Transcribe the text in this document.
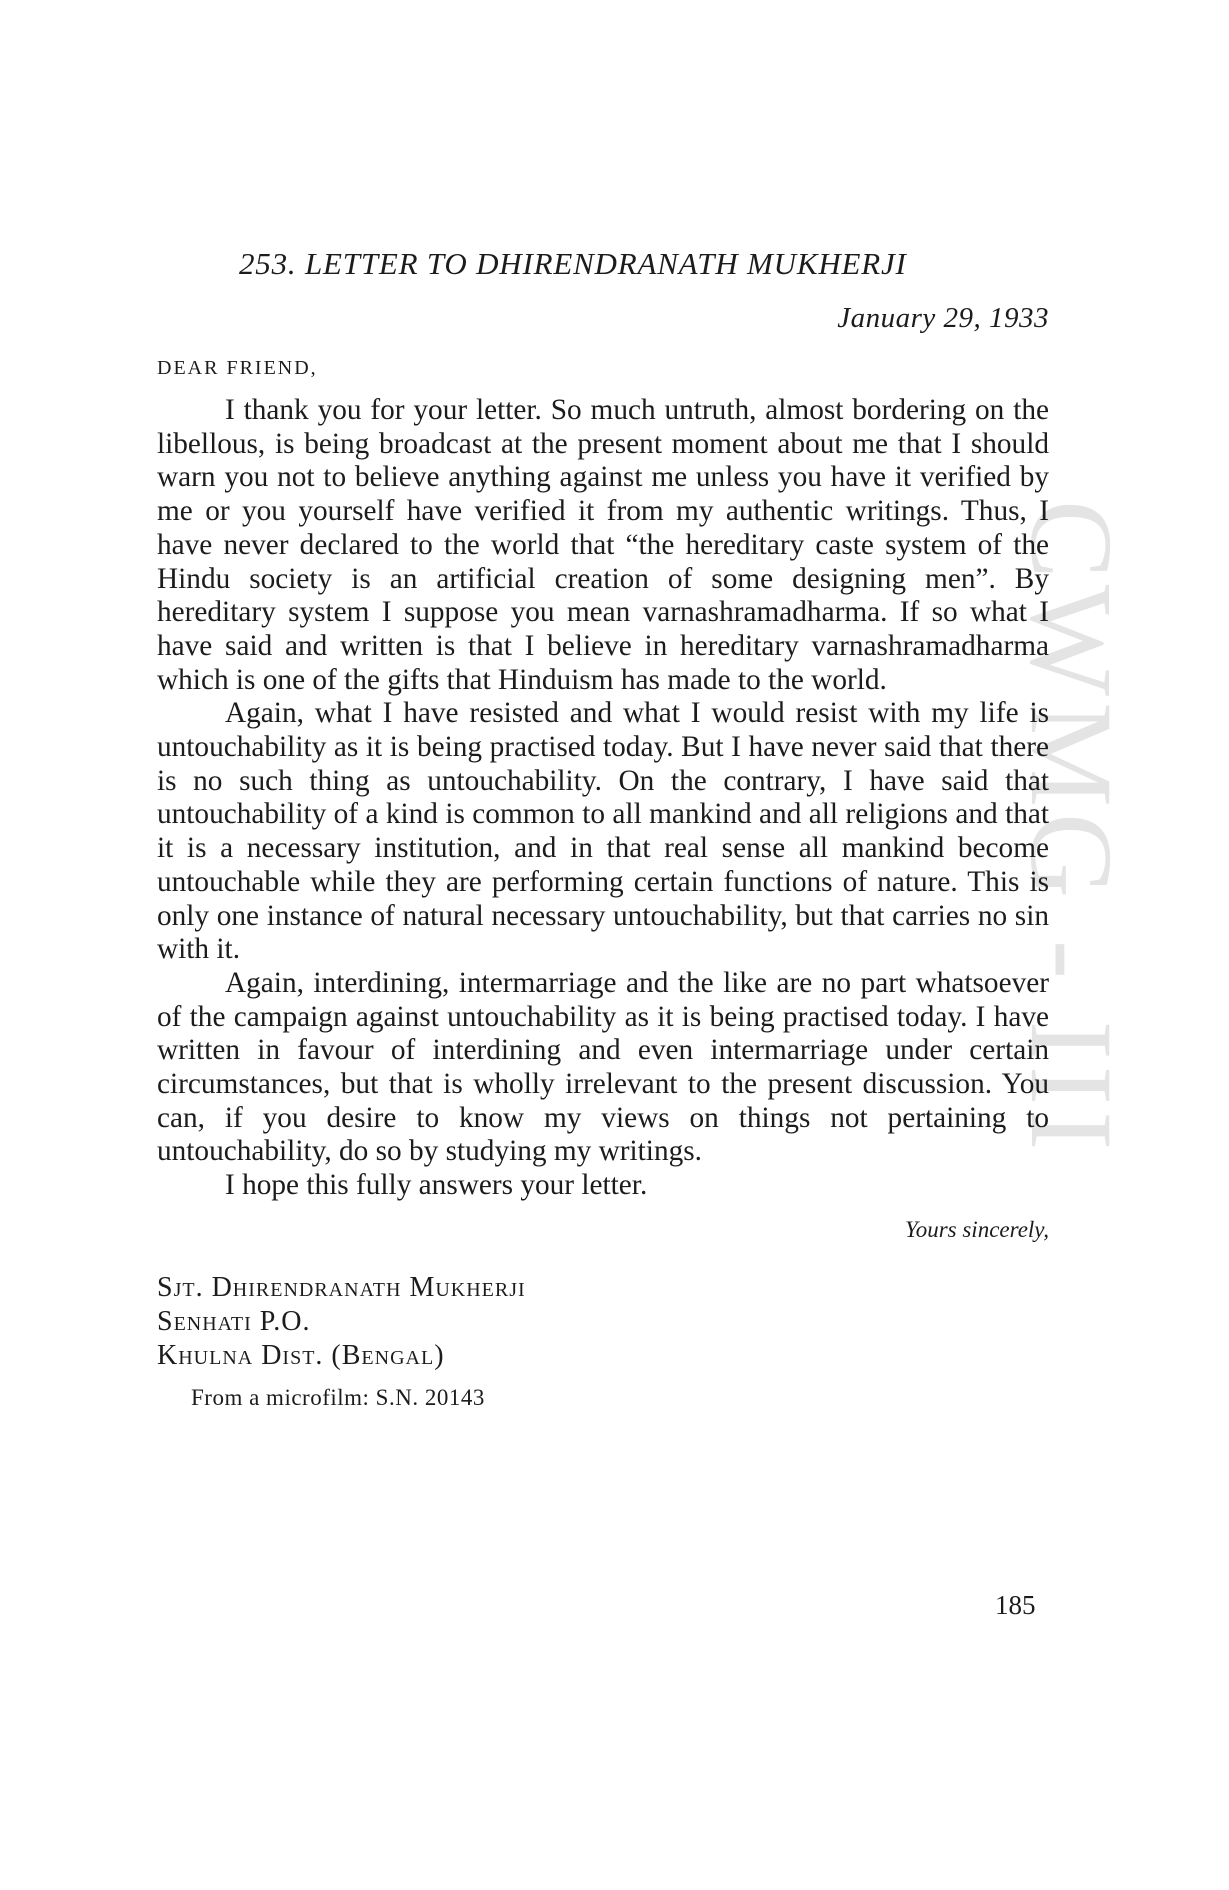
CWMG - III
253. LETTER TO DHIRENDRANATH MUKHERJI
January 29, 1933
DEAR FRIEND,

I thank you for your letter. So much untruth, almost bordering on the libellous, is being broadcast at the present moment about me that I should warn you not to believe anything against me unless you have it verified by me or you yourself have verified it from my authentic writings. Thus, I have never declared to the world that “the hereditary caste system of the Hindu society is an artificial creation of some designing men”. By hereditary system I suppose you mean varnashramadharma. If so what I have said and written is that I believe in hereditary varnashramadharma which is one of the gifts that Hinduism has made to the world.

Again, what I have resisted and what I would resist with my life is untouchability as it is being practised today. But I have never said that there is no such thing as untouchability. On the contrary, I have said that untouchability of a kind is common to all mankind and all religions and that it is a necessary institution, and in that real sense all mankind become untouchable while they are performing certain functions of nature. This is only one instance of natural necessary untouchability, but that carries no sin with it.

Again, interdining, intermarriage and the like are no part whatsoever of the campaign against untouchability as it is being practised today. I have written in favour of interdining and even intermarriage under certain circumstances, but that is wholly irrelevant to the present discussion. You can, if you desire to know my views on things not pertaining to untouchability, do so by studying my writings.

I hope this fully answers your letter.

Yours sincerely,
Sjt. Dhirendranath Mukherji
Senhati P.O.
Khulna Dist. (Bengal)
From a microfilm: S.N. 20143
185
